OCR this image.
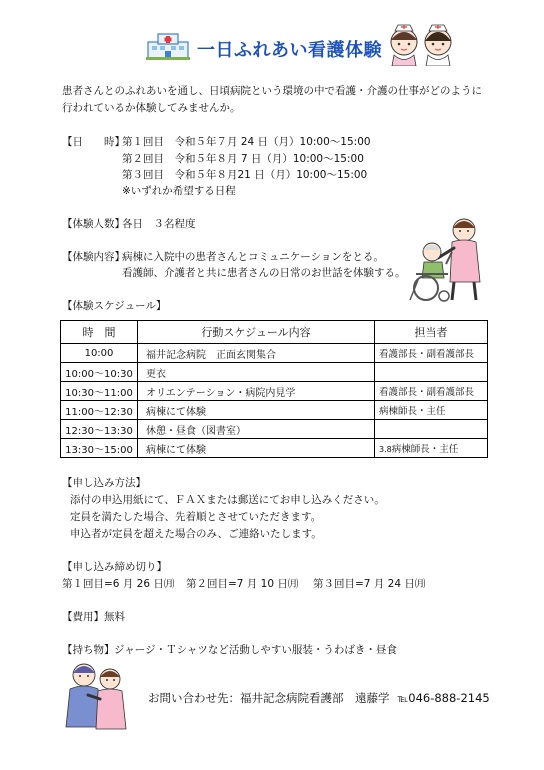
一日ふれあい看護体験
患者さんとのふれあいを通し、日頃病院という環境の中で看護・介護の仕事がどのように
行われているか体験してみませんか。
【日　　時】
第１回目　令和５年７月 24 日（月）10:00～15:00
第２回目　令和５年８月 7 日（月）10:00～15:00
第３回目　令和５年８月21 日（月）10:00～15:00
※いずれか希望する日程
【体験人数】
各日　３名程度
【体験内容】
病棟に入院中の患者さんとコミュニケーションをとる。
看護師、介護者と共に患者さんの日常のお世話を体験する。
【体験スケジュール】
時　間	行動スケジュール内容	担当者
10:00	福井記念病院　正面玄関集合	看護部長・副看護部長
10:00～10:30	更衣	
10:30～11:00	オリエンテーション・病院内見学	看護部長・副看護部長
11:00～12:30	病棟にて体験	病棟師長・主任
12:30～13:30	休憩・昼食（図書室）	
13:30～15:00	病棟にて体験	3.8病棟師長・主任
【申し込み方法】
添付の申込用紙にて、ＦＡＸまたは郵送にてお申し込みください。
定員を満たした場合、先着順とさせていただきます。
申込者が定員を超えた場合のみ、ご連絡いたします。
【申し込み締め切り】
第１回目=6 月 26 日㈪ 第２回目=7 月 10 日㈪ 第３回目=7 月 24 日㈪
【費用】 無料
【持ち物】 ジャージ・Ｔシャツなど活動しやすい服装・うわばき・昼食
お問い合わせ先：福井記念病院看護部　遠藤学 ℡046-888-2145
